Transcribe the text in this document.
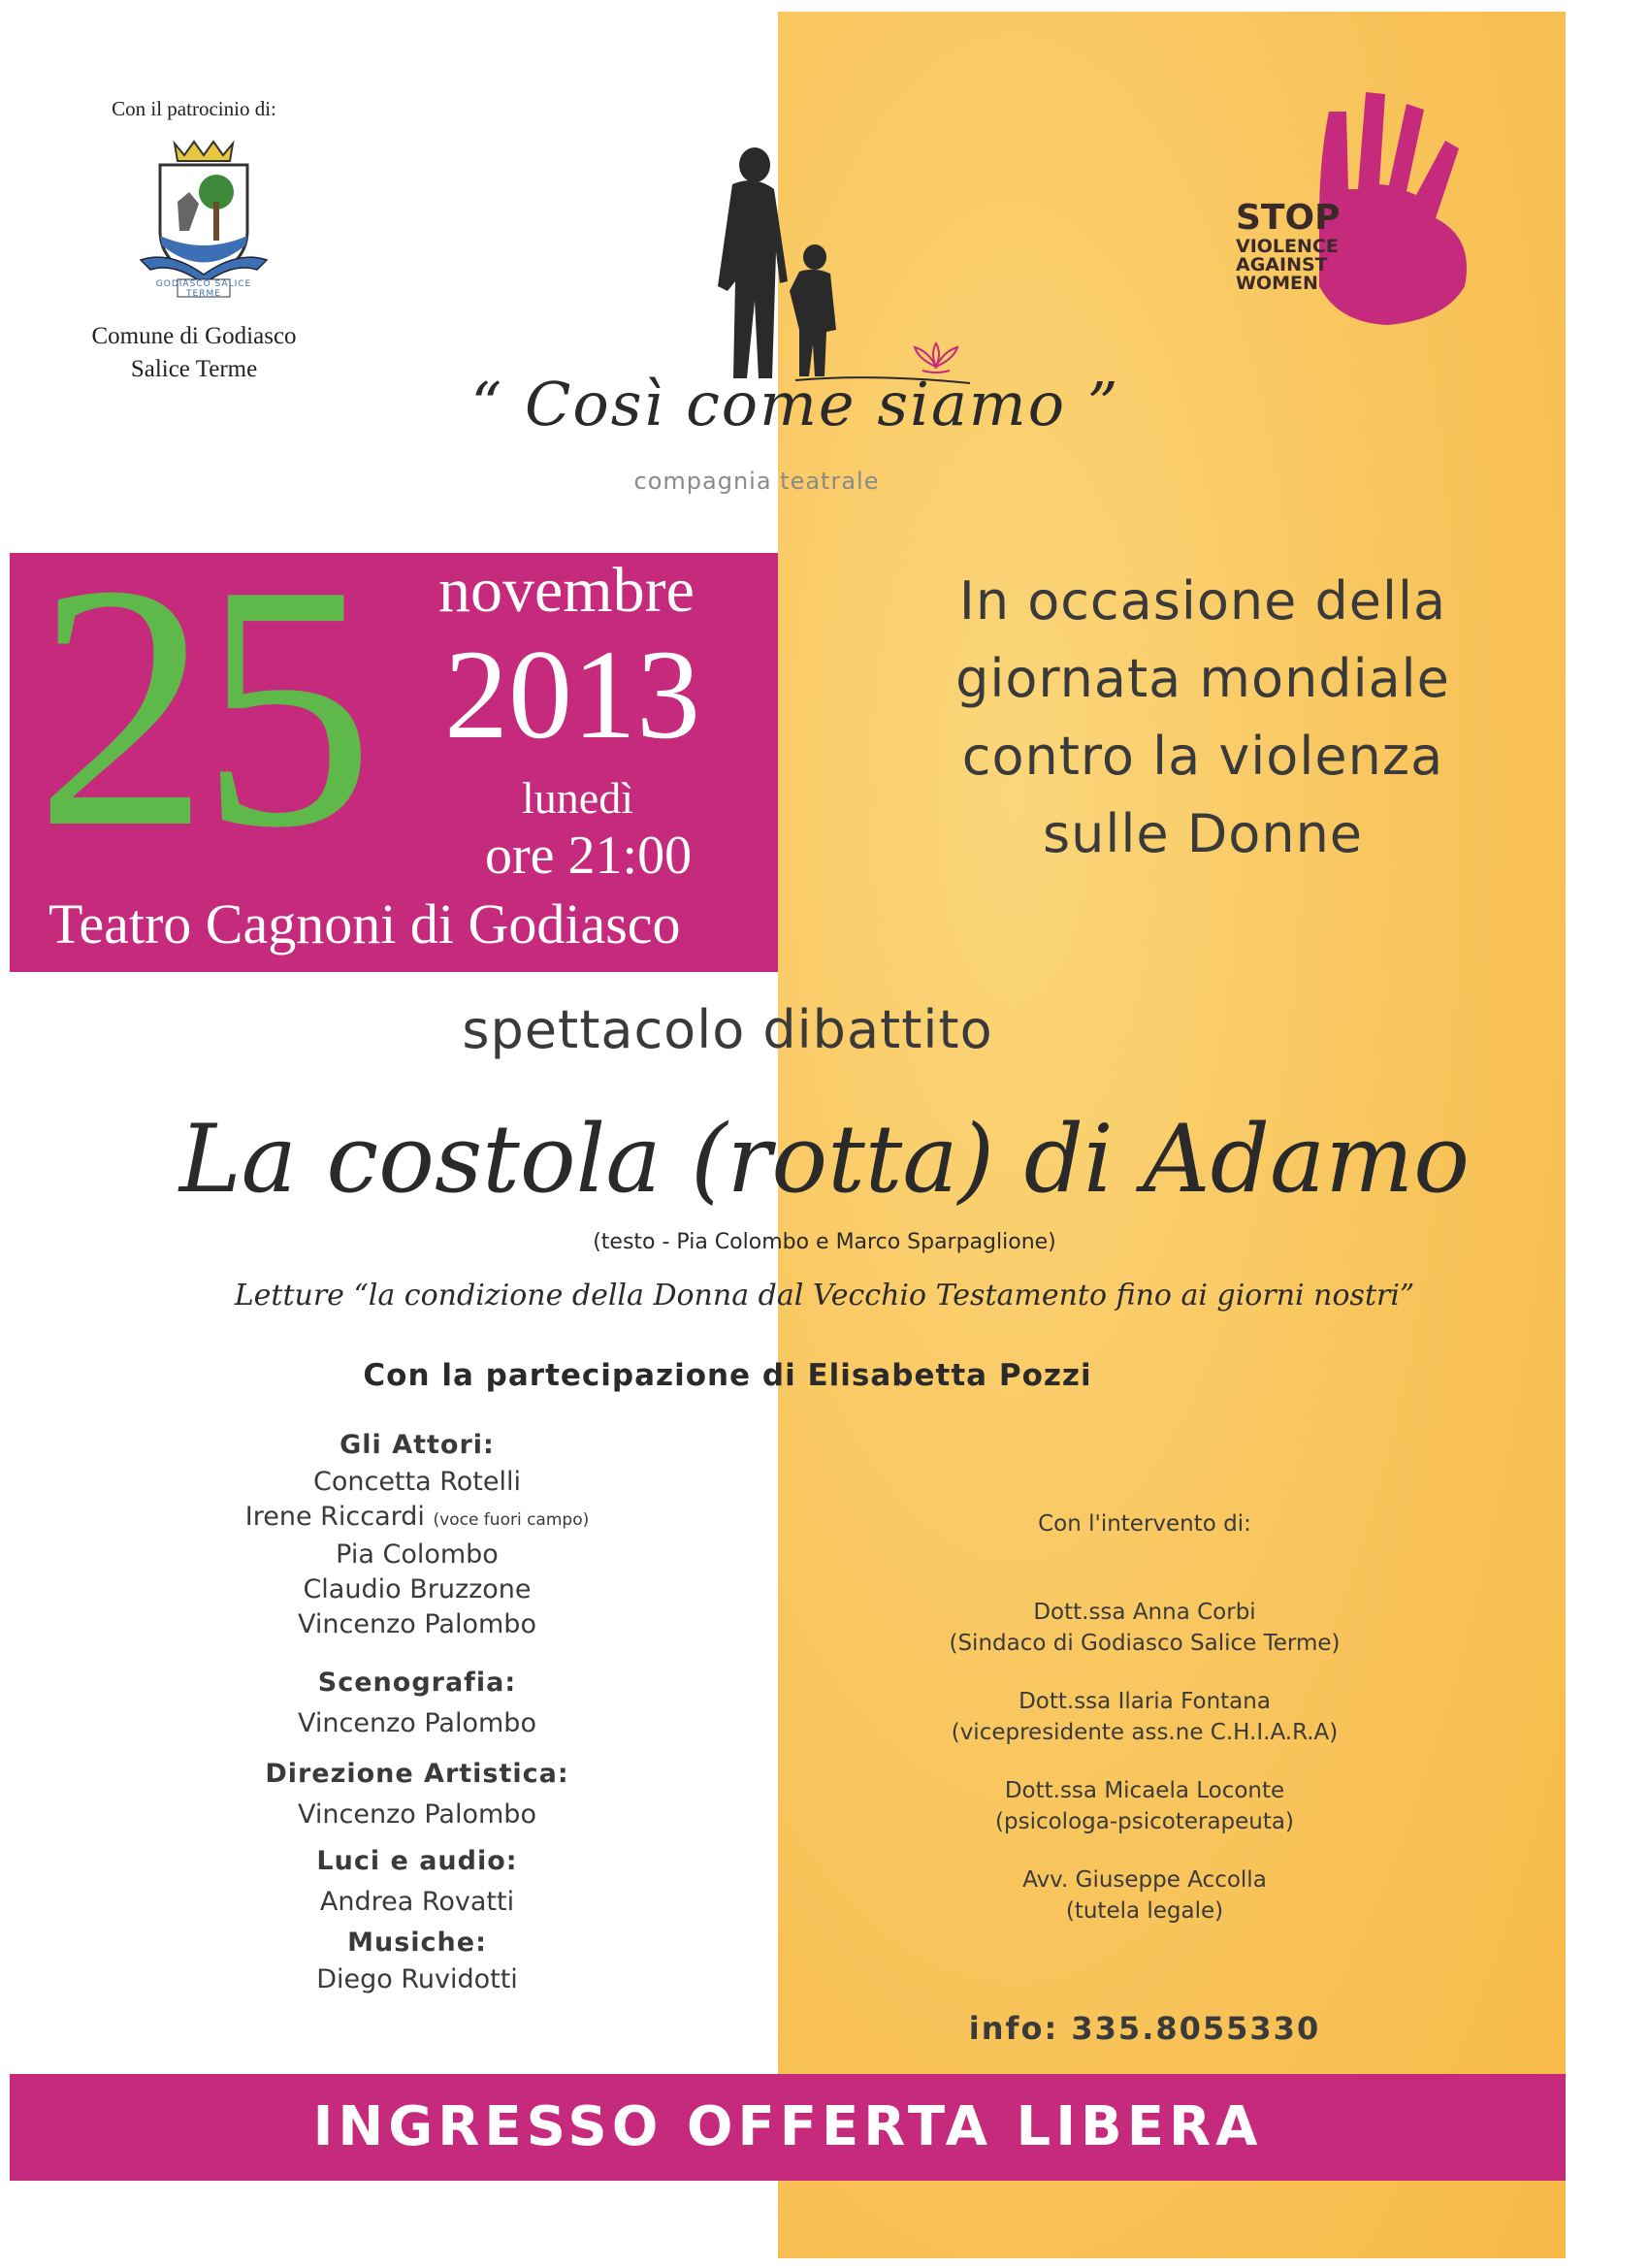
Con il patrocinio di:
GODIASCO SALICE TERME
Comune di Godiasco
Salice Terme	“ Così come siamo ”
compagnia teatrale
STOP
VIOLENCE
AGAINST
WOMEN
25 novembre
2013
lunedì
ore 21:00
Teatro Cagnoni di Godiasco
In occasione della
giornata mondiale
contro la violenza
sulle Donne
spettacolo dibattito
La costola (rotta) di Adamo
(testo - Pia Colombo e Marco Sparpaglione)
Letture “la condizione della Donna dal Vecchio Testamento fino ai giorni nostri”
Con la partecipazione di Elisabetta Pozzi
Gli Attori:
Concetta Rotelli
Irene Riccardi (voce fuori campo)
Pia Colombo
Claudio Bruzzone
Vincenzo Palombo
Scenografia:
Vincenzo Palombo
Direzione Artistica:
Vincenzo Palombo
Luci e audio:
Andrea Rovatti
Musiche:
Diego Ruvidotti
Con l'intervento di:
Dott.ssa Anna Corbi
(Sindaco di Godiasco Salice Terme)
Dott.ssa Ilaria Fontana
(vicepresidente ass.ne C.H.I.A.R.A)
Dott.ssa Micaela Loconte
(psicologa-psicoterapeuta)
Avv. Giuseppe Accolla
(tutela legale)
info: 335.8055330
INGRESSO OFFERTA LIBERA
